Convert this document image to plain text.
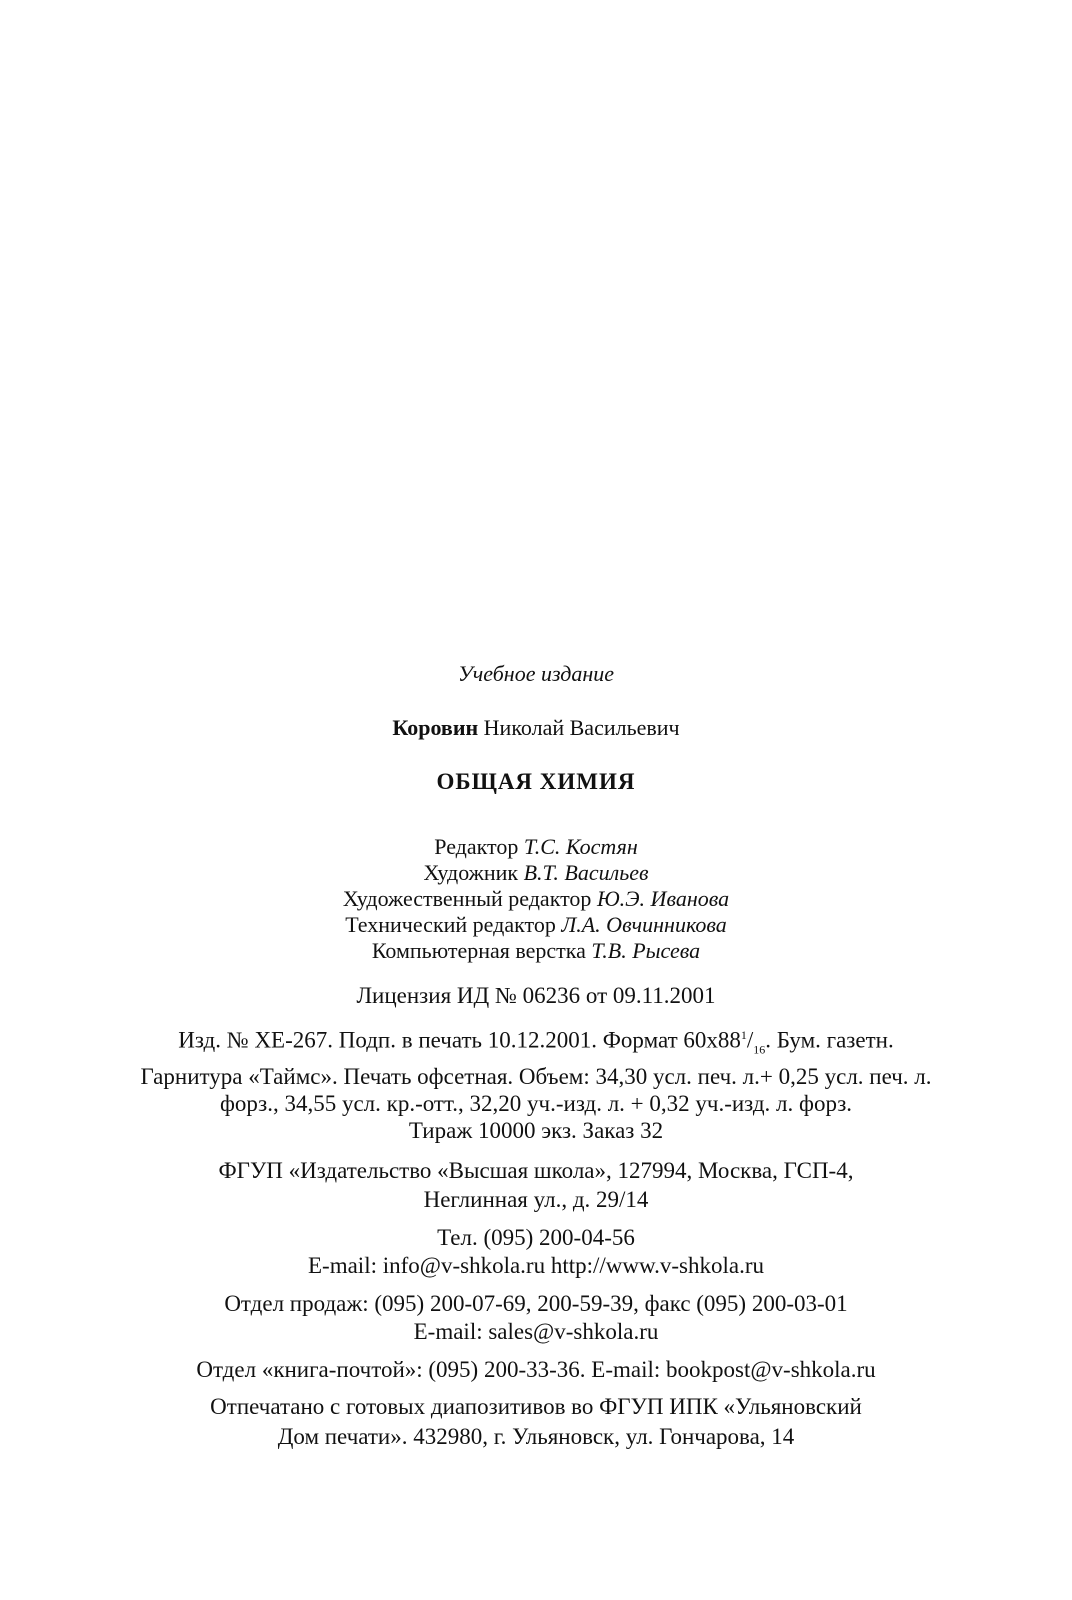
Учебное издание
Коровин Николай Васильевич
ОБЩАЯ ХИМИЯ
Редактор Т.С. Костян
Художник В.Т. Васильев
Художественный редактор Ю.Э. Иванова
Технический редактор Л.А. Овчинникова
Компьютерная верстка Т.В. Рысева
Лицензия ИД № 06236 от 09.11.2001
Изд. № ХЕ-267. Подп. в печать 10.12.2001. Формат $60х88^1/_{16}$. Бум. газетн.
Гарнитура «Таймс». Печать офсетная. Объем: 34,30 усл. печ. л.+ 0,25 усл. печ. л.
форз., 34,55 усл. кр.-отт., 32,20 уч.-изд. л. + 0,32 уч.-изд. л. форз.
Тираж 10000 экз. Заказ 32
ФГУП «Издательство «Высшая школа», 127994, Москва, ГСП-4,
Неглинная ул., д. 29/14
Тел. (095) 200-04-56
E-mail: info@v-shkola.ru http://www.v-shkola.ru
Отдел продаж: (095) 200-07-69, 200-59-39, факс (095) 200-03-01
E-mail: sales@v-shkola.ru
Отдел «книга-почтой»: (095) 200-33-36. E-mail: bookpost@v-shkola.ru
Отпечатано с готовых диапозитивов во ФГУП ИПК «Ульяновский
Дом печати». 432980, г. Ульяновск, ул. Гончарова, 14
